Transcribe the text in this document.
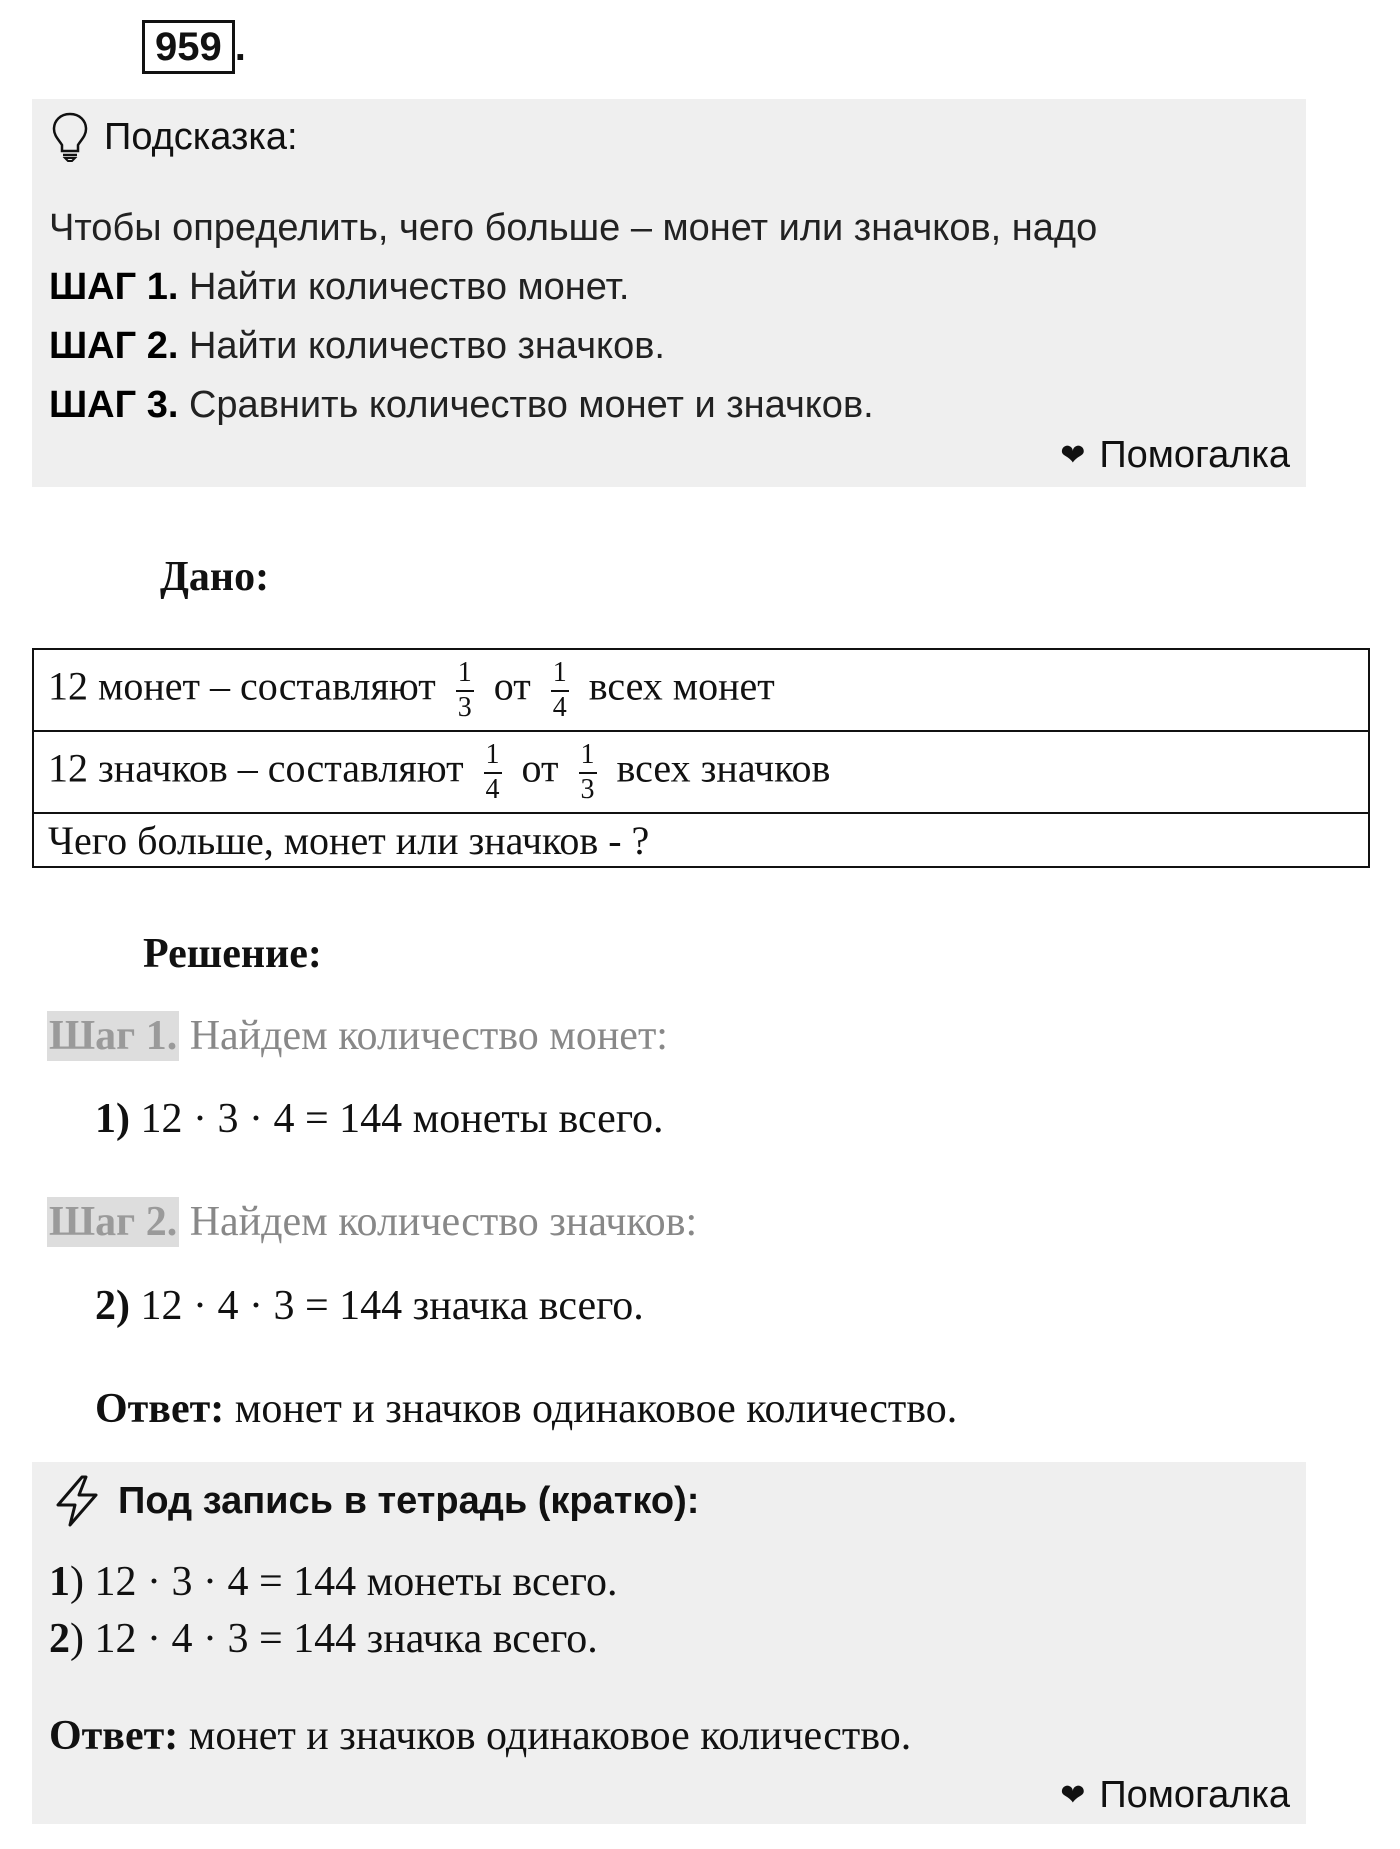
959 .
Подсказка:
Чтобы определить, чего больше – монет или значков, надо
ШАГ 1. Найти количество монет.
ШАГ 2. Найти количество значков.
ШАГ 3. Сравнить количество монет и значков.
❤ Помогалка
Дано:
12 монет – составляют $\frac{1}{3}$ от $\frac{1}{4}$ всех монет
12 значков – составляют $\frac{1}{4}$ от $\frac{1}{3}$ всех значков
Чего больше, монет или значков - ?
Решение:
Шаг 1. Найдем количество монет:
1) 12 · 3 · 4 = 144 монеты всего.
Шаг 2. Найдем количество значков:
2) 12 · 4 · 3 = 144 значка всего.
Ответ: монет и значков одинаковое количество.
Под запись в тетрадь (кратко):
1) 12 · 3 · 4 = 144 монеты всего.
2) 12 · 4 · 3 = 144 значка всего.
Ответ: монет и значков одинаковое количество.
❤ Помогалка
